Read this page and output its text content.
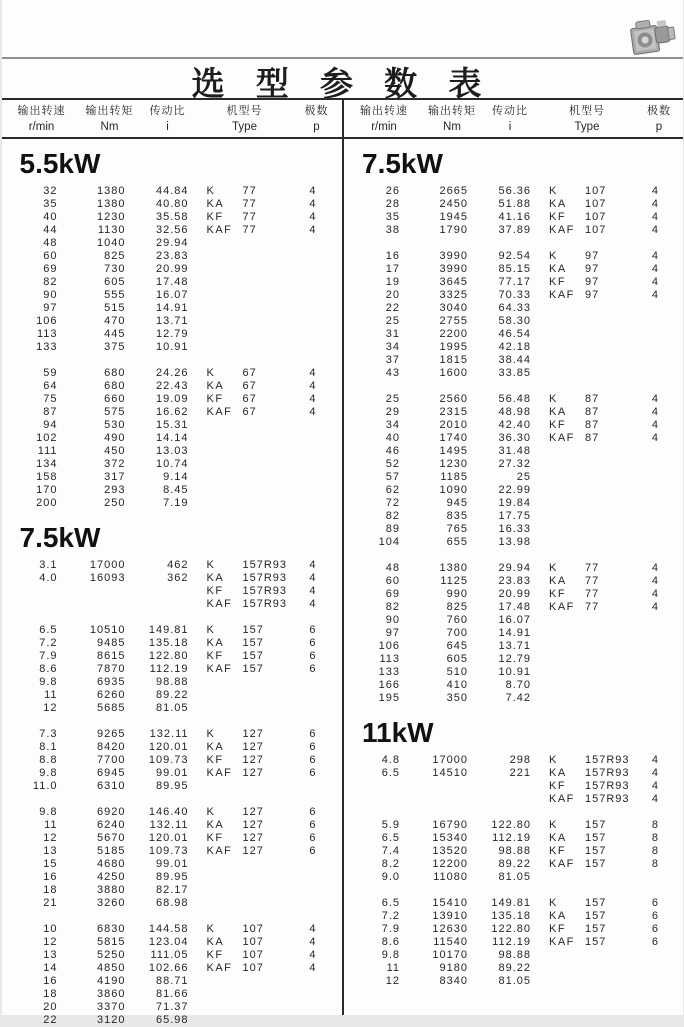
选 型 参 数 表
输出转速
r/min
输出转矩
Nm
传动比
i
机型号
Type
极数
p
输出转速
r/min
输出转矩
Nm
传动比
i
机型号
Type
极数
p
5.5kW
32	1380	44.84 K	77	4
35	1380	40.80 KA	77	4
40	1230	35.58 KF	77	4
44	1130	32.56 KAF 77	4
48	1040	29.94
60	825	23.83
69	730	20.99
82	605	17.48
90	555	16.07
97	515	14.91
106	470	13.71
113	445	12.79
133	375	10.91
59	680	24.26 K	67	4
64	680	22.43 KA	67	4
75	660	19.09 KF	67	4
87	575	16.62 KAF 67	4
94	530	15.31
102	490	14.14
111	450	13.03
134	372	10.74
158	317	9.14
170	293	8.45
200	250	7.19
7.5kW
3.1	17000	462 K	157R93	4
4.0	16093	362 KA	157R93	4
KF	157R93	4
KAF 157R93	4
6.5	10510	149.81 K	157	6
7.2	9485	135.18 KA	157	6
7.9	8615	122.80 KF	157	6
8.6	7870	112.19 KAF 157	6
9.8	6935	98.88
11	6260	89.22
12	5685	81.05
7.3	9265	132.11 K	127	6
8.1	8420	120.01 KA	127	6
8.8	7700	109.73 KF	127	6
9.8	6945	99.01 KAF 127	6
11.0	6310	89.95
9.8	6920	146.40 K	127	6
11	6240	132.11 KA	127	6
12	5670	120.01 KF	127	6
13	5185	109.73 KAF 127	6
15	4680	99.01
16	4250	89.95
18	3880	82.17
21	3260	68.98
10	6830	144.58 K	107	4
12	5815	123.04 KA	107	4
13	5250	111.05 KF	107	4
14	4850	102.66 KAF 107	4
16	4190	88.71
18	3860	81.66
20	3370	71.37
22	3120	65.98
7.5kW
26	2665	56.36 K	107	4
28	2450	51.88 KA	107	4
35	1945	41.16 KF	107	4
38	1790	37.89 KAF 107	4
16	3990	92.54 K	97	4
17	3990	85.15 KA	97	4
19	3645	77.17 KF	97	4
20	3325	70.33 KAF 97	4
22	3040	64.33
25	2755	58.30
31	2200	46.54
34	1995	42.18
37	1815	38.44
43	1600	33.85
25	2560	56.48 K	87	4
29	2315	48.98 KA	87	4
34	2010	42.40 KF	87	4
40	1740	36.30 KAF 87	4
46	1495	31.48
52	1230	27.32
57	1185	25
62	1090	22.99
72	945	19.84
82	835	17.75
89	765	16.33
104	655	13.98
48	1380	29.94 K	77	4
60	1125	23.83 KA	77	4
69	990	20.99 KF	77	4
82	825	17.48 KAF 77	4
90	760	16.07
97	700	14.91
106	645	13.71
113	605	12.79
133	510	10.91
166	410	8.70
195	350	7.42
11kW
4.8	17000	298 K	157R93	4
6.5	14510	221 KA	157R93	4
KF	157R93	4
KAF 157R93	4
5.9	16790	122.80 K	157	8
6.5	15340	112.19 KA	157	8
7.4	13520	98.88 KF	157	8
8.2	12200	89.22 KAF 157	8
9.0	11080	81.05
6.5	15410	149.81 K	157	6
7.2	13910	135.18 KA	157	6
7.9	12630	122.80 KF	157	6
8.6	11540	112.19 KAF 157	6
9.8	10170	98.88
11	9180	89.22
12	8340	81.05
